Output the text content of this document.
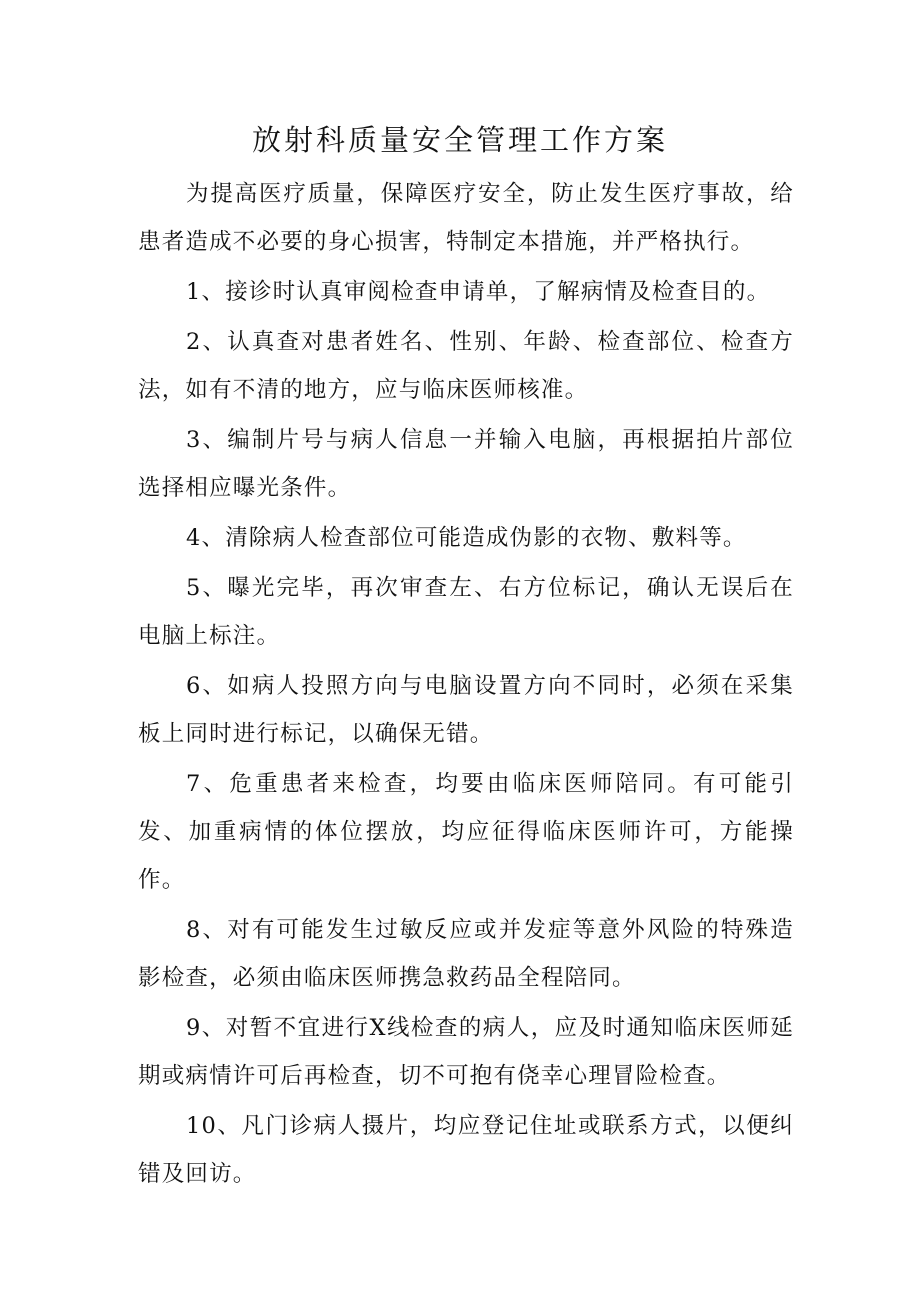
放射科质量安全管理工作方案

为提高医疗质量，保障医疗安全，防止发生医疗事故，给患者造成不必要的身心损害，特制定本措施，并严格执行。

1、接诊时认真审阅检查申请单，了解病情及检查目的。

2、认真查对患者姓名、性别、年龄、检查部位、检查方法，如有不清的地方，应与临床医师核准。

3、编制片号与病人信息一并输入电脑，再根据拍片部位选择相应曝光条件。

4、清除病人检查部位可能造成伪影的衣物、敷料等。

5、曝光完毕，再次审查左、右方位标记，确认无误后在电脑上标注。

6、如病人投照方向与电脑设置方向不同时，必须在采集板上同时进行标记，以确保无错。

7、危重患者来检查，均要由临床医师陪同。有可能引发、加重病情的体位摆放，均应征得临床医师许可，方能操作。

8、对有可能发生过敏反应或并发症等意外风险的特殊造影检查，必须由临床医师携急救药品全程陪同。

9、对暂不宜进行X线检查的病人，应及时通知临床医师延期或病情许可后再检查，切不可抱有侥幸心理冒险检查。

10、凡门诊病人摄片，均应登记住址或联系方式，以便纠错及回访。
